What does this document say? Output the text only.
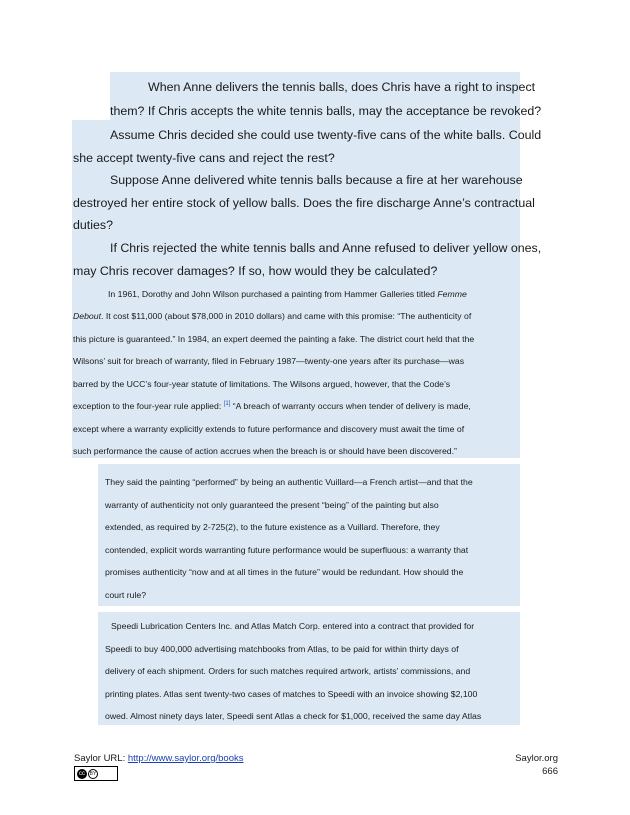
When Anne delivers the tennis balls, does Chris have a right to inspect
them? If Chris accepts the white tennis balls, may the acceptance be revoked?
Assume Chris decided she could use twenty-five cans of the white balls. Could
she accept twenty-five cans and reject the rest?
Suppose Anne delivered white tennis balls because a fire at her warehouse
destroyed her entire stock of yellow balls. Does the fire discharge Anne’s contractual
duties?
If Chris rejected the white tennis balls and Anne refused to deliver yellow ones,
may Chris recover damages? If so, how would they be calculated?
In 1961, Dorothy and John Wilson purchased a painting from Hammer Galleries titled Femme
Debout. It cost $11,000 (about $78,000 in 2010 dollars) and came with this promise: “The authenticity of
this picture is guaranteed.” In 1984, an expert deemed the painting a fake. The district court held that the
Wilsons’ suit for breach of warranty, filed in February 1987—twenty-one years after its purchase—was
barred by the UCC’s four-year statute of limitations. The Wilsons argued, however, that the Code’s
exception to the four-year rule applied: [1] “A breach of warranty occurs when tender of delivery is made,
except where a warranty explicitly extends to future performance and discovery must await the time of
such performance the cause of action accrues when the breach is or should have been discovered.”
They said the painting “performed” by being an authentic Vuillard—a French artist—and that the
warranty of authenticity not only guaranteed the present “being” of the painting but also
extended, as required by 2-725(2), to the future existence as a Vuillard. Therefore, they
contended, explicit words warranting future performance would be superfluous: a warranty that
promises authenticity “now and at all times in the future” would be redundant. How should the
court rule?
Speedi Lubrication Centers Inc. and Atlas Match Corp. entered into a contract that provided for
Speedi to buy 400,000 advertising matchbooks from Atlas, to be paid for within thirty days of
delivery of each shipment. Orders for such matches required artwork, artists’ commissions, and
printing plates. Atlas sent twenty-two cases of matches to Speedi with an invoice showing $2,100
owed. Almost ninety days later, Speedi sent Atlas a check for $1,000, received the same day Atlas
Saylor URL: http://www.saylor.org/books
cc BY
Saylor.org
666
